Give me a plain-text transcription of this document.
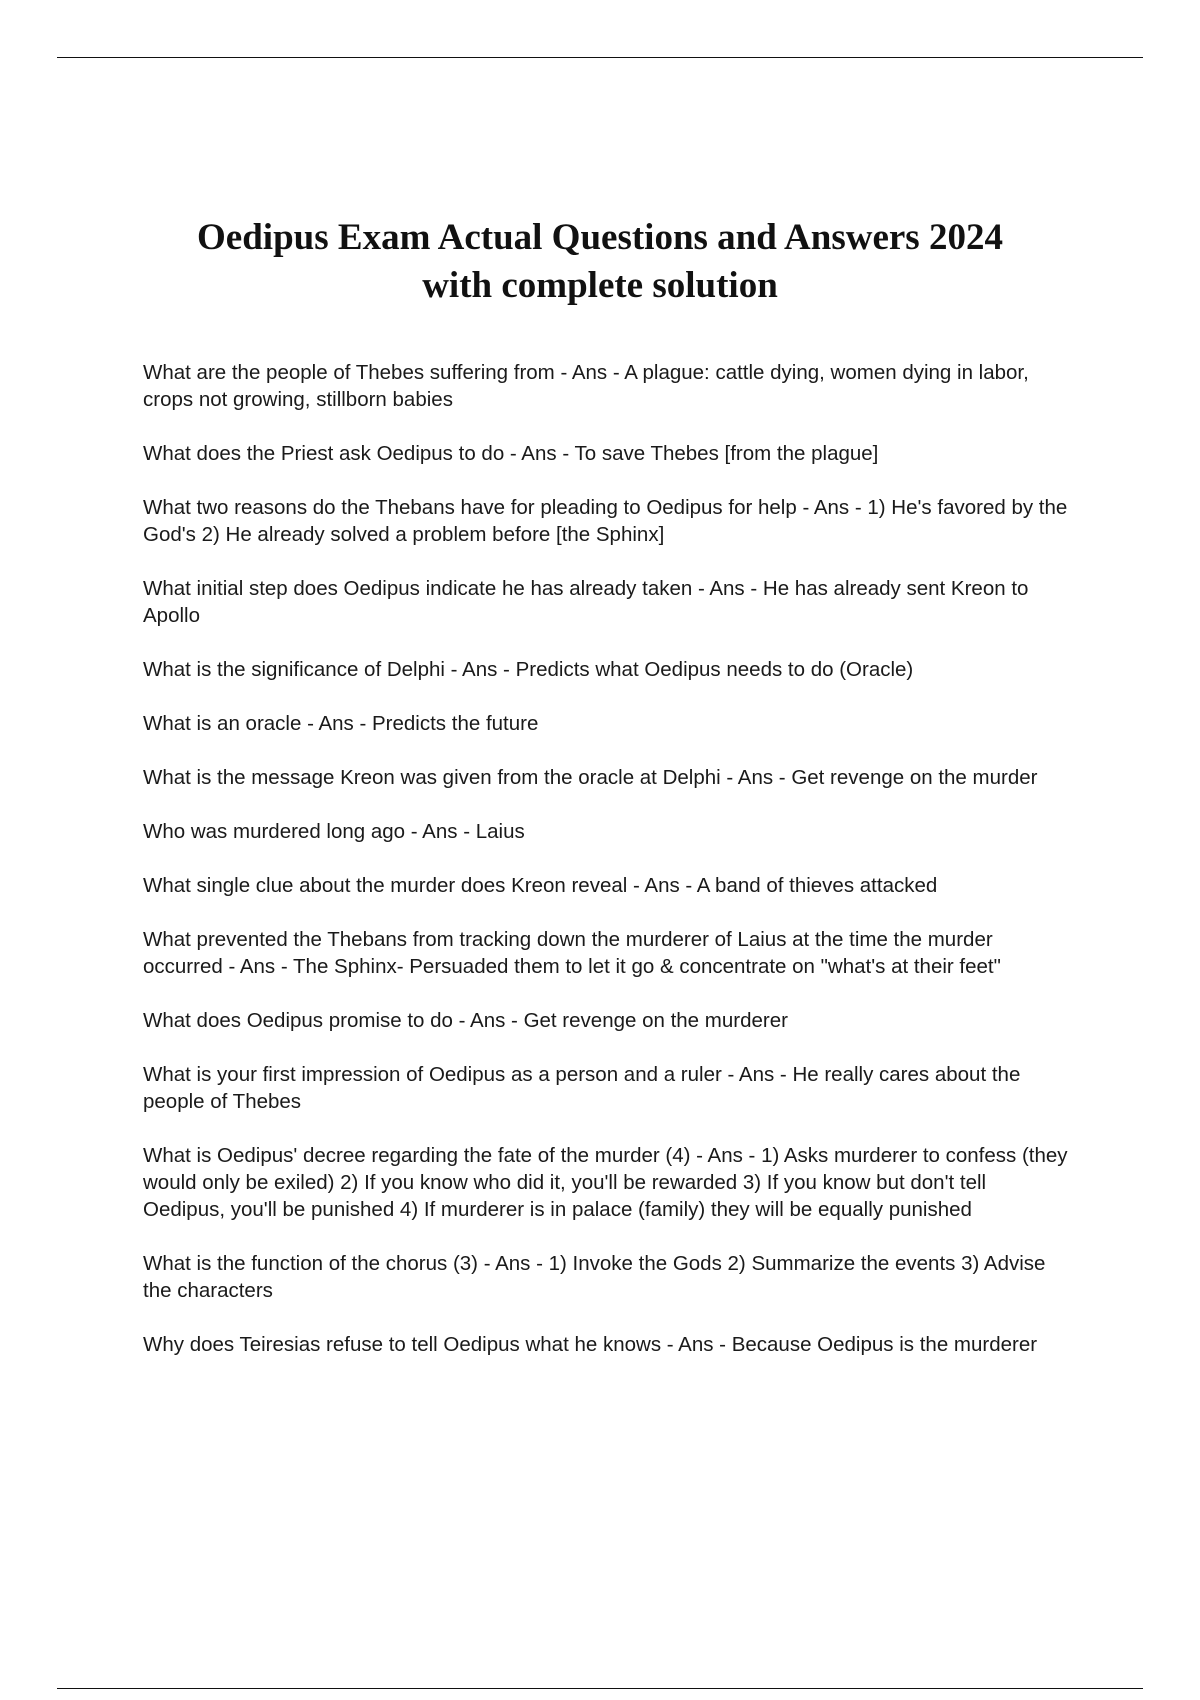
Oedipus Exam Actual Questions and Answers 2024
with complete solution
What are the people of Thebes suffering from - Ans - A plague: cattle dying, women dying in labor, crops not growing, stillborn babies
What does the Priest ask Oedipus to do - Ans - To save Thebes [from the plague]
What two reasons do the Thebans have for pleading to Oedipus for help - Ans - 1) He's favored by the God's 2) He already solved a problem before [the Sphinx]
What initial step does Oedipus indicate he has already taken - Ans - He has already sent Kreon to Apollo
What is the significance of Delphi - Ans - Predicts what Oedipus needs to do (Oracle)
What is an oracle - Ans - Predicts the future
What is the message Kreon was given from the oracle at Delphi - Ans - Get revenge on the murder
Who was murdered long ago - Ans - Laius
What single clue about the murder does Kreon reveal - Ans - A band of thieves attacked
What prevented the Thebans from tracking down the murderer of Laius at the time the murder occurred - Ans - The Sphinx- Persuaded them to let it go & concentrate on "what's at their feet"
What does Oedipus promise to do - Ans - Get revenge on the murderer
What is your first impression of Oedipus as a person and a ruler - Ans - He really cares about the people of Thebes
What is Oedipus' decree regarding the fate of the murder (4) - Ans - 1) Asks murderer to confess (they would only be exiled) 2) If you know who did it, you'll be rewarded 3) If you know but don't tell Oedipus, you'll be punished 4) If murderer is in palace (family) they will be equally punished
What is the function of the chorus (3) - Ans - 1) Invoke the Gods 2) Summarize the events 3) Advise the characters
Why does Teiresias refuse to tell Oedipus what he knows - Ans - Because Oedipus is the murderer
